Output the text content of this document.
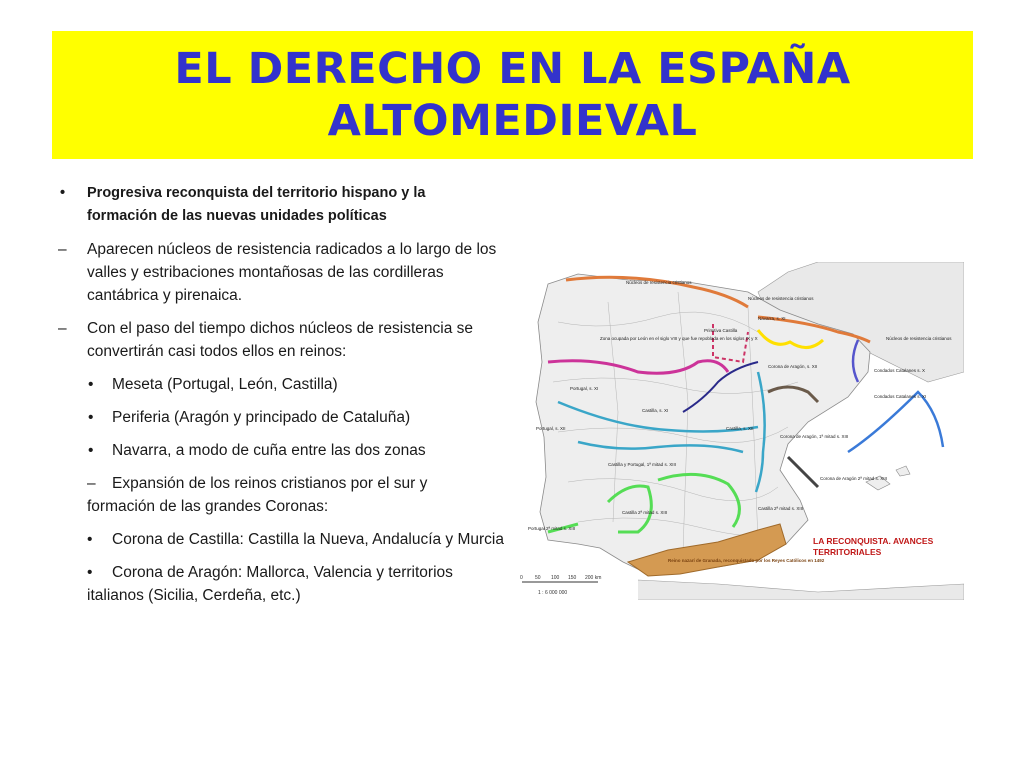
EL DERECHO EN LA ESPAÑA
ALTOMEDIEVAL
• Progresiva reconquista del territorio hispano y la formación de las nuevas unidades políticas
– Aparecen núcleos de resistencia radicados a lo largo de los valles y estribaciones montañosas de las cordilleras cantábrica y pirenaica.
– Con el paso del tiempo dichos núcleos de resistencia se convertirán casi todos ellos en reinos:
• Meseta (Portugal, León, Castilla)
• Periferia (Aragón y principado de Cataluña)
• Navarra, a modo de cuña entre las dos zonas
– Expansión de los reinos cristianos por el sur y formación de las grandes Coronas:
• Corona de Castilla: Castilla la Nueva, Andalucía y Murcia
• Corona de Aragón: Mallorca, Valencia y territorios italianos (Sicilia, Cerdeña, etc.)
LA RECONQUISTA. AVANCES
TERRITORIALES
0 50 100 150 200 km
1 : 6 000 000
Núcleos de resistencia cristianos
Núcleos de resistencia cristianos
Núcleos de resistencia cristianos
Zona ocupada por León en el siglo VIII y que fue repoblada en los siglos IX y X
Primitiva Castilla
Navarra, s. XI
Corona de Aragón, s. XII
Condados Catalanes s. X
Condados Catalanes s. XI
Portugal, s. XI
Castilla, s. XI
Castilla, s. XII
Portugal, s. XII
Castilla y Portugal, 1ª mitad s. XIII
Corona de Aragón, 1ª mitad s. XIII
Corona de Aragón 2ª mitad s. XIII
Castilla 2ª mitad s. XIII
Castilla 2ª mitad s. XIII
Portugal 2ª mitad s. XIII
Reino nazarí de Granada, reconquistado por los Reyes Católicos en 1492
